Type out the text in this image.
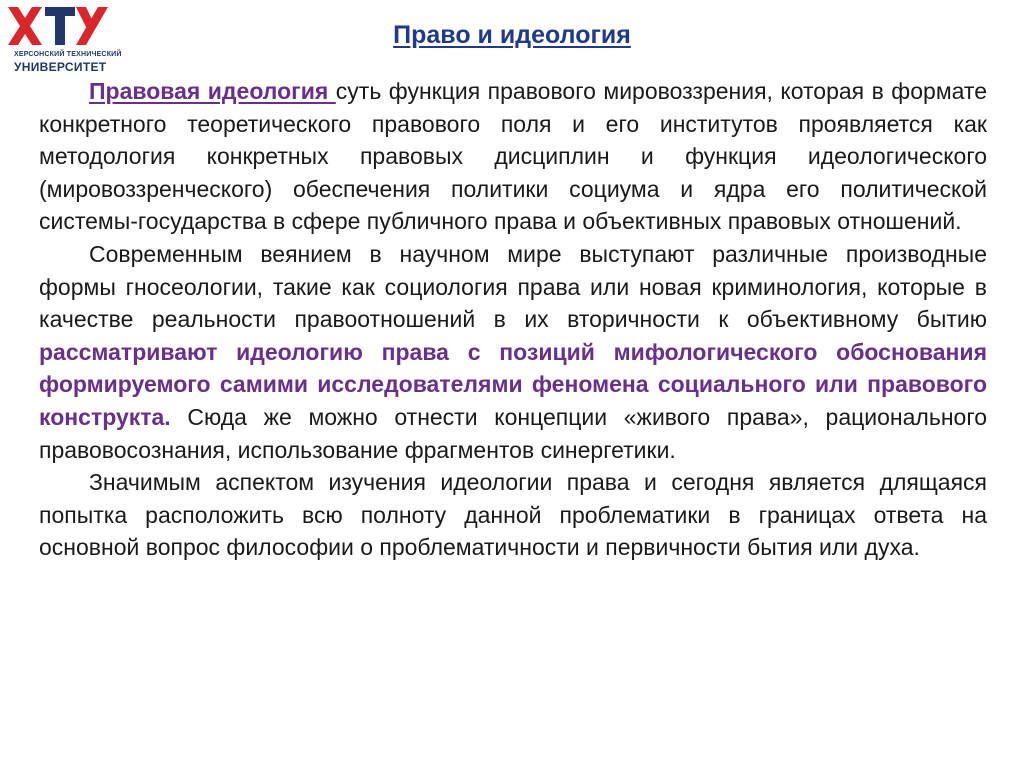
ХЕРСОНСКИЙ ТЕХНИЧЕСКИЙ
УНИВЕРСИТЕТ
Право и идеология

Правовая идеология суть функция правового мировоззрения, которая в формате конкретного теоретического правового поля и его институтов проявляется как методология конкретных правовых дисциплин и функция идеологического (мировоззренческого) обеспечения политики социума и ядра его политической системы-государства в сфере публичного права и объективных правовых отношений.

Современным веянием в научном мире выступают различные производные формы гносеологии, такие как социология права или новая криминология, которые в качестве реальности правоотношений в их вторичности к объективному бытию рассматривают идеологию права с позиций мифологического обоснования формируемого самими исследователями феномена социального или правового конструкта. Сюда же можно отнести концепции «живого права», рационального правовосознания, использование фрагментов синергетики.

Значимым аспектом изучения идеологии права и сегодня является длящаяся попытка расположить всю полноту данной проблематики в границах ответа на основной вопрос философии о проблематичности и первичности бытия или духа.
